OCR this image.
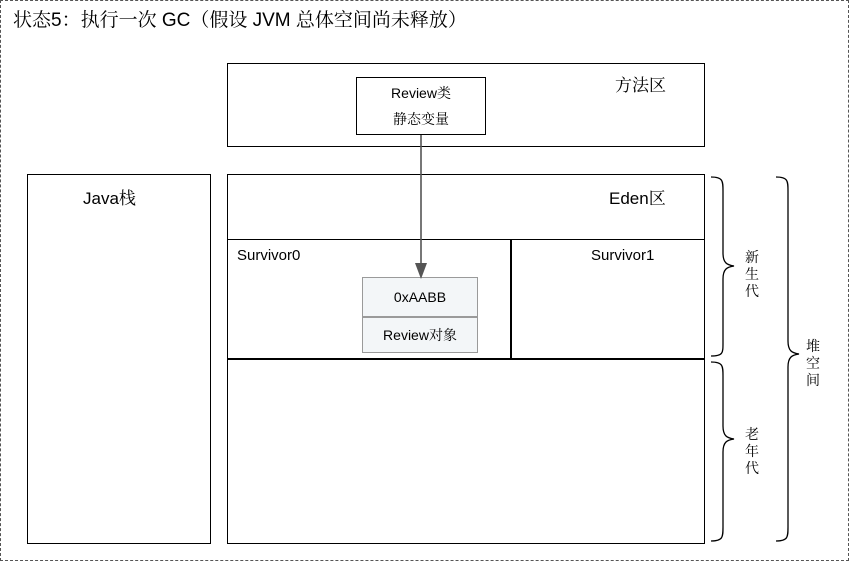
状态5：执行一次 GC（假设 JVM 总体空间尚未释放）
方法区
Review类
静态变量
Java栈	Eden区
Survivor0	Survivor1
0xAABB
Review对象
新生代
老年代
堆空间
